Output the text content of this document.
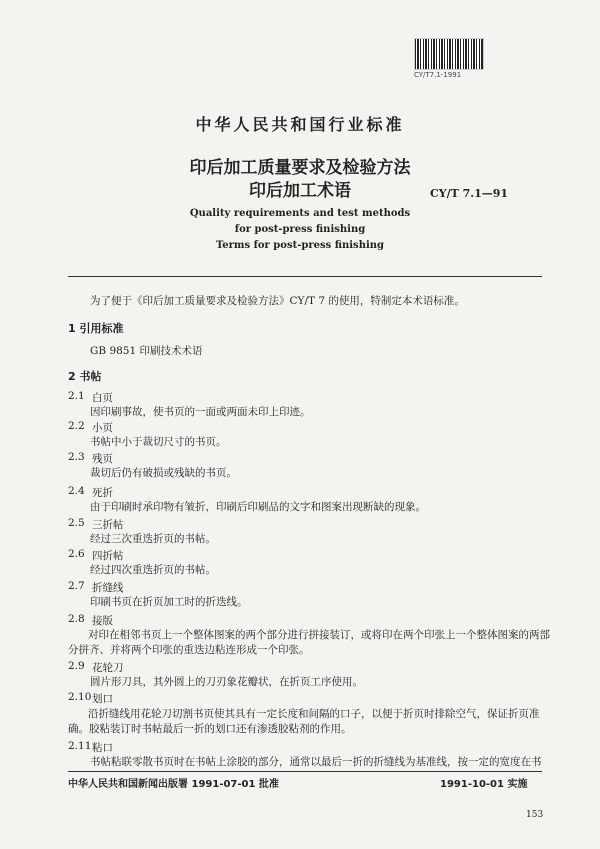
CY/T7.1-1991
中华人民共和国行业标准
印后加工质量要求及检验方法
印后加工术语	CY/T 7.1—91
Quality requirements and test methods
for post-press finishing
Terms for post-press finishing
为了便于《印后加工质量要求及检验方法》CY/T 7 的使用，特制定本术语标准。
1 引用标准
GB 9851 印刷技术术语
2 书帖
2.1 白页
因印刷事故，使书页的一面或两面未印上印迹。
2.2 小页
书帖中小于裁切尺寸的书页。
2.3 残页
裁切后仍有破损或残缺的书页。
2.4 死折
由于印刷时承印物有皱折，印刷后印刷品的文字和图案出现断缺的现象。
2.5 三折帖
经过三次重迭折页的书帖。
2.6 四折帖
经过四次重迭折页的书帖。
2.7 折缝线
印刷书页在折页加工时的折迭线。
2.8 接版
对印在相邻书页上一个整体图案的两个部分进行拼接装订，或将印在两个印张上一个整体图案的两部分拼齐、并将两个印张的重迭边粘连形成一个印张。
2.9 花轮刀
圆片形刀具，其外圆上的刀刃象花瓣状，在折页工序使用。
2.10 划口
沿折缝线用花轮刀切割书页使其具有一定长度和间隔的口子，以便于折页时排除空气，保证折页准确。胶粘装订时书帖最后一折的划口还有渗透胶粘剂的作用。
2.11 粘口
书帖粘联零散书页时在书帖上涂胶的部分，通常以最后一折的折缝线为基准线，按一定的宽度在书
中华人民共和国新闻出版署 1991-07-01 批准	1991-10-01 实施
153
